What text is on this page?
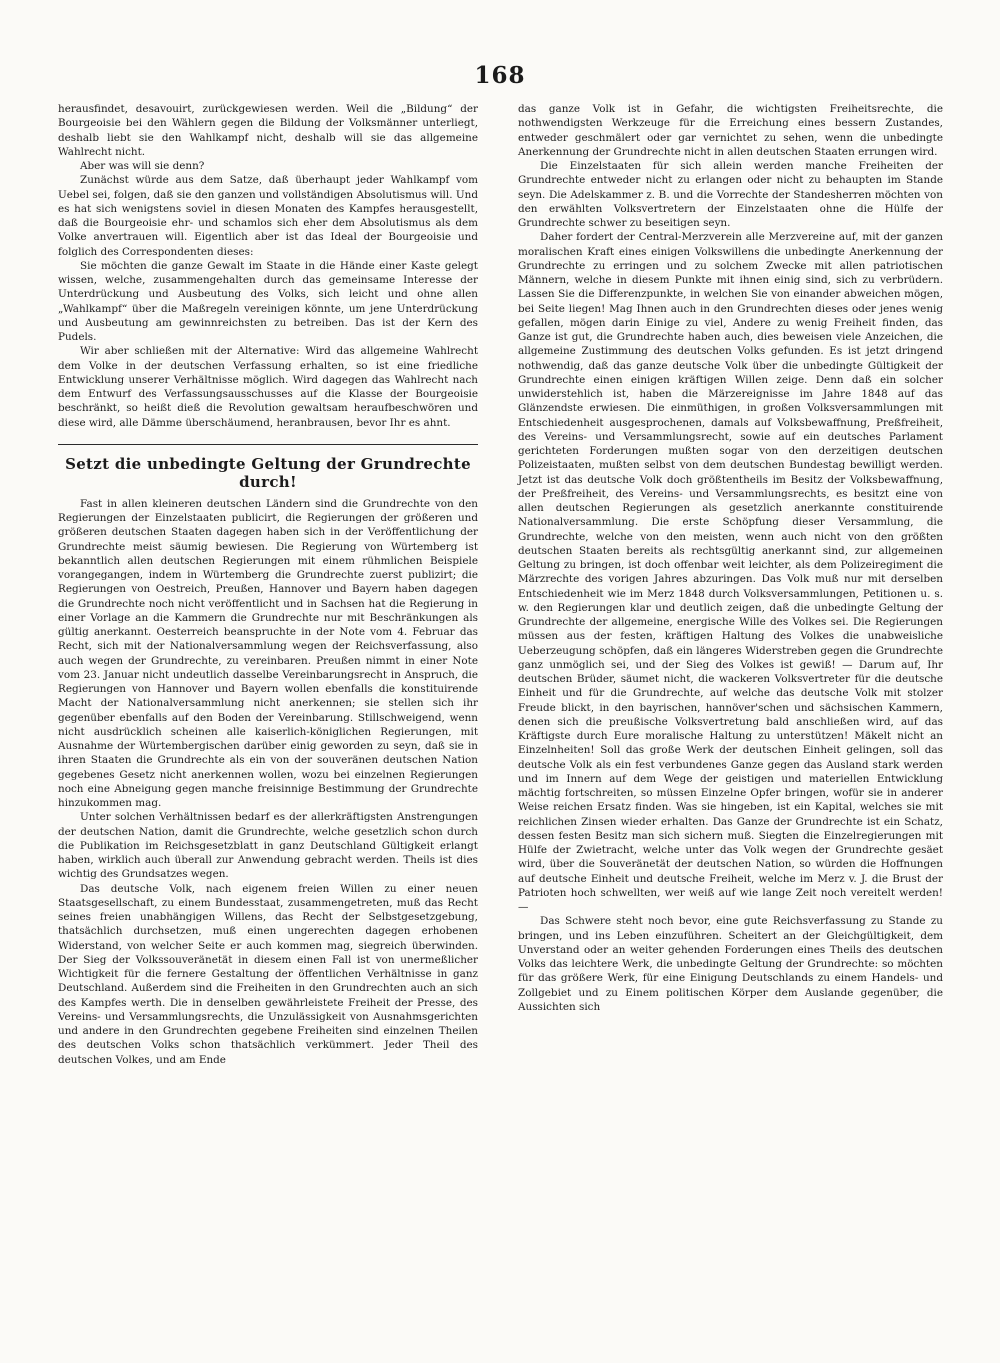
168

herausfindet, desavouirt, zurückgewiesen werden. Weil die „Bildung“ der Bourgeoisie bei den Wählern gegen die Bildung der Volksmänner unterliegt, deshalb liebt sie den Wahlkampf nicht, deshalb will sie das allgemeine Wahlrecht nicht.

Aber was will sie denn?

Zunächst würde aus dem Satze, daß überhaupt jeder Wahlkampf vom Uebel sei, folgen, daß sie den ganzen und vollständigen Absolutismus will. Und es hat sich wenigstens soviel in diesen Monaten des Kampfes herausgestellt, daß die Bourgeoisie ehr- und schamlos sich eher dem Absolutismus als dem Volke anvertrauen will. Eigentlich aber ist das Ideal der Bourgeoisie und folglich des Correspondenten dieses:

Sie möchten die ganze Gewalt im Staate in die Hände einer Kaste gelegt wissen, welche, zusammengehalten durch das gemeinsame Interesse der Unterdrückung und Ausbeutung des Volks, sich leicht und ohne allen „Wahlkampf“ über die Maßregeln vereinigen könnte, um jene Unterdrückung und Ausbeutung am gewinnreichsten zu betreiben. Das ist der Kern des Pudels.

Wir aber schließen mit der Alternative: Wird das allgemeine Wahlrecht dem Volke in der deutschen Verfassung erhalten, so ist eine friedliche Entwicklung unserer Verhältnisse möglich. Wird dagegen das Wahlrecht nach dem Entwurf des Verfassungsausschusses auf die Klasse der Bourgeoisie beschränkt, so heißt dieß die Revolution gewaltsam heraufbeschwören und diese wird, alle Dämme überschäumend, heranbrausen, bevor Ihr es ahnt.

Setzt die unbedingte Geltung der Grundrechte durch!

Fast in allen kleineren deutschen Ländern sind die Grundrechte von den Regierungen der Einzelstaaten publicirt, die Regierungen der größeren und größeren deutschen Staaten dagegen haben sich in der Veröffentlichung der Grundrechte meist säumig bewiesen. Die Regierung von Würtemberg ist bekanntlich allen deutschen Regierungen mit einem rühmlichen Beispiele vorangegangen, indem in Würtemberg die Grundrechte zuerst publizirt; die Regierungen von Oestreich, Preußen, Hannover und Bayern haben dagegen die Grundrechte noch nicht veröffentlicht und in Sachsen hat die Regierung in einer Vorlage an die Kammern die Grundrechte nur mit Beschränkungen als gültig anerkannt. Oesterreich beanspruchte in der Note vom 4. Februar das Recht, sich mit der Nationalversammlung wegen der Reichsverfassung, also auch wegen der Grundrechte, zu vereinbaren. Preußen nimmt in einer Note vom 23. Januar nicht undeutlich dasselbe Vereinbarungsrecht in Anspruch, die Regierungen von Hannover und Bayern wollen ebenfalls die konstituirende Macht der Nationalversammlung nicht anerkennen; sie stellen sich ihr gegenüber ebenfalls auf den Boden der Vereinbarung. Stillschweigend, wenn nicht ausdrücklich scheinen alle kaiserlich-königlichen Regierungen, mit Ausnahme der Würtembergischen darüber einig geworden zu seyn, daß sie in ihren Staaten die Grundrechte als ein von der souveränen deutschen Nation gegebenes Gesetz nicht anerkennen wollen, wozu bei einzelnen Regierungen noch eine Abneigung gegen manche freisinnige Bestimmung der Grundrechte hinzukommen mag.

Unter solchen Verhältnissen bedarf es der allerkräftigsten Anstrengungen der deutschen Nation, damit die Grundrechte, welche gesetzlich schon durch die Publikation im Reichsgesetzblatt in ganz Deutschland Gültigkeit erlangt haben, wirklich auch überall zur Anwendung gebracht werden. Theils ist dies wichtig des Grundsatzes wegen.

Das deutsche Volk, nach eigenem freien Willen zu einer neuen Staatsgesellschaft, zu einem Bundesstaat, zusammengetreten, muß das Recht seines freien unabhängigen Willens, das Recht der Selbstgesetzgebung, thatsächlich durchsetzen, muß einen ungerechten dagegen erhobenen Widerstand, von welcher Seite er auch kommen mag, siegreich überwinden. Der Sieg der Volkssouveränetät in diesem einen Fall ist von unermeßlicher Wichtigkeit für die fernere Gestaltung der öffentlichen Verhältnisse in ganz Deutschland. Außerdem sind die Freiheiten in den Grundrechten auch an sich des Kampfes werth. Die in denselben gewährleistete Freiheit der Presse, des Vereins- und Versammlungsrechts, die Unzulässigkeit von Ausnahmsgerichten und andere in den Grundrechten gegebene Freiheiten sind einzelnen Theilen des deutschen Volks schon thatsächlich verkümmert. Jeder Theil des deutschen Volkes, und am Ende

das ganze Volk ist in Gefahr, die wichtigsten Freiheitsrechte, die nothwendigsten Werkzeuge für die Erreichung eines bessern Zustandes, entweder geschmälert oder gar vernichtet zu sehen, wenn die unbedingte Anerkennung der Grundrechte nicht in allen deutschen Staaten errungen wird.

Die Einzelstaaten für sich allein werden manche Freiheiten der Grundrechte entweder nicht zu erlangen oder nicht zu behaupten im Stande seyn. Die Adelskammer z. B. und die Vorrechte der Standesherren möchten von den erwählten Volksvertretern der Einzelstaaten ohne die Hülfe der Grundrechte schwer zu beseitigen seyn.

Daher fordert der Central-Merzverein alle Merzvereine auf, mit der ganzen moralischen Kraft eines einigen Volkswillens die unbedingte Anerkennung der Grundrechte zu erringen und zu solchem Zwecke mit allen patriotischen Männern, welche in diesem Punkte mit ihnen einig sind, sich zu verbrüdern. Lassen Sie die Differenzpunkte, in welchen Sie von einander abweichen mögen, bei Seite liegen! Mag Ihnen auch in den Grundrechten dieses oder jenes wenig gefallen, mögen darin Einige zu viel, Andere zu wenig Freiheit finden, das Ganze ist gut, die Grundrechte haben auch, dies beweisen viele Anzeichen, die allgemeine Zustimmung des deutschen Volks gefunden. Es ist jetzt dringend nothwendig, daß das ganze deutsche Volk über die unbedingte Gültigkeit der Grundrechte einen einigen kräftigen Willen zeige. Denn daß ein solcher unwiderstehlich ist, haben die Märzereignisse im Jahre 1848 auf das Glänzendste erwiesen. Die einmüthigen, in großen Volksversammlungen mit Entschiedenheit ausgesprochenen, damals auf Volksbewaffnung, Preßfreiheit, des Vereins- und Versammlungsrecht, sowie auf ein deutsches Parlament gerichteten Forderungen mußten sogar von den derzeitigen deutschen Polizeistaaten, mußten selbst von dem deutschen Bundestag bewilligt werden. Jetzt ist das deutsche Volk doch größtentheils im Besitz der Volksbewaffnung, der Preßfreiheit, des Vereins- und Versammlungsrechts, es besitzt eine von allen deutschen Regierungen als gesetzlich anerkannte constituirende Nationalversammlung. Die erste Schöpfung dieser Versammlung, die Grundrechte, welche von den meisten, wenn auch nicht von den größten deutschen Staaten bereits als rechtsgültig anerkannt sind, zur allgemeinen Geltung zu bringen, ist doch offenbar weit leichter, als dem Polizeiregiment die Märzrechte des vorigen Jahres abzuringen. Das Volk muß nur mit derselben Entschiedenheit wie im Merz 1848 durch Volksversammlungen, Petitionen u. s. w. den Regierungen klar und deutlich zeigen, daß die unbedingte Geltung der Grundrechte der allgemeine, energische Wille des Volkes sei. Die Regierungen müssen aus der festen, kräftigen Haltung des Volkes die unabweisliche Ueberzeugung schöpfen, daß ein längeres Widerstreben gegen die Grundrechte ganz unmöglich sei, und der Sieg des Volkes ist gewiß! — Darum auf, Ihr deutschen Brüder, säumet nicht, die wackeren Volksvertreter für die deutsche Einheit und für die Grundrechte, auf welche das deutsche Volk mit stolzer Freude blickt, in den bayrischen, hannöver'schen und sächsischen Kammern, denen sich die preußische Volksvertretung bald anschließen wird, auf das Kräftigste durch Eure moralische Haltung zu unterstützen! Mäkelt nicht an Einzelnheiten! Soll das große Werk der deutschen Einheit gelingen, soll das deutsche Volk als ein fest verbundenes Ganze gegen das Ausland stark werden und im Innern auf dem Wege der geistigen und materiellen Entwicklung mächtig fortschreiten, so müssen Einzelne Opfer bringen, wofür sie in anderer Weise reichen Ersatz finden. Was sie hingeben, ist ein Kapital, welches sie mit reichlichen Zinsen wieder erhalten. Das Ganze der Grundrechte ist ein Schatz, dessen festen Besitz man sich sichern muß. Siegten die Einzelregierungen mit Hülfe der Zwietracht, welche unter das Volk wegen der Grundrechte gesäet wird, über die Souveränetät der deutschen Nation, so würden die Hoffnungen auf deutsche Einheit und deutsche Freiheit, welche im Merz v. J. die Brust der Patrioten hoch schwellten, wer weiß auf wie lange Zeit noch vereitelt werden! —

Das Schwere steht noch bevor, eine gute Reichsverfassung zu Stande zu bringen, und ins Leben einzuführen. Scheitert an der Gleichgültigkeit, dem Unverstand oder an weiter gehenden Forderungen eines Theils des deutschen Volks das leichtere Werk, die unbedingte Geltung der Grundrechte: so möchten für das größere Werk, für eine Einigung Deutschlands zu einem Handels- und Zollgebiet und zu Einem politischen Körper dem Auslande gegenüber, die Aussichten sich
